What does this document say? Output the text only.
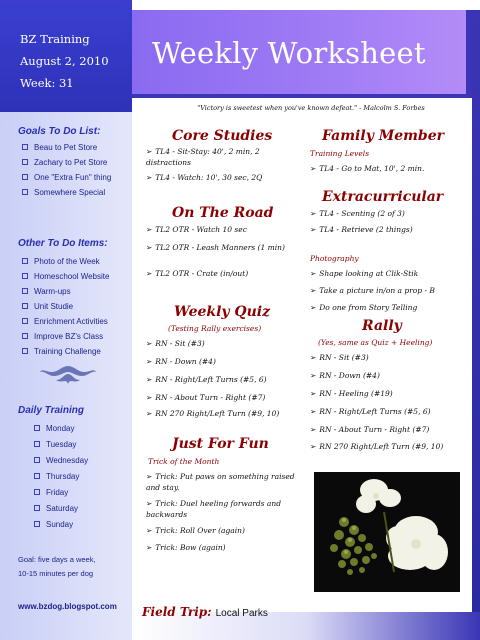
BZ Training
August 2, 2010
Week: 31
Goals To Do List:
Beau to Pet Store
Zachary to Pet Store
One "Extra Fun" thing
Somewhere Special
Other To Do Items:
Photo of the Week
Homeschool Website
Warm-ups
Unit Studie
Enrichment Activities
Improve BZ's Class
Training Challenge
Daily Training
Monday
Tuesday
Wednesday
Thursday
Friday
Saturday
Sunday
Goal: five days a week,
10-15 minutes per dog
www.bzdog.blogspot.com
Weekly Worksheet
"Victory is sweetest when you've known defeat." - Malcolm S. Forbes
Core Studies
➢ TL4 - Sit-Stay: 40', 2 min, 2 distractions
➢ TL4 - Watch: 10', 30 sec, 2Q
On The Road
➢ TL2 OTR - Watch 10 sec
➢ TL2 OTR - Leash Manners (1 min)
➢ TL2 OTR - Crate (in/out)
Weekly Quiz
(Testing Rally exercises)
➢ RN - Sit (#3)
➢ RN - Down (#4)
➢ RN - Right/Left Turns (#5, 6)
➢ RN - About Turn - Right (#7)
➢ RN 270 Right/Left Turn (#9, 10)
Just For Fun
Trick of the Month
➢ Trick: Put paws on something raised and stay.
➢ Trick: Duel heeling forwards and backwards
➢ Trick: Roll Over (again)
➢ Trick: Bow (again)
Family Member
Training Levels
➢ TL4 - Go to Mat, 10', 2 min.
Extracurricular
➢ TL4 - Scenting (2 of 3)
➢ TL4 - Retrieve (2 things)
Photography
➢ Shape looking at Clik-Stik
➢ Take a picture in/on a prop - B
➢ Do one from Story Telling
Rally
(Yes, same as Quiz + Heeling)
➢ RN - Sit (#3)
➢ RN - Down (#4)
➢ RN - Heeling (#19)
➢ RN - Right/Left Turns (#5, 6)
➢ RN - About Turn - Right (#7)
➢ RN 270 Right/Left Turn (#9, 10)
Field Trip: Local Parks
